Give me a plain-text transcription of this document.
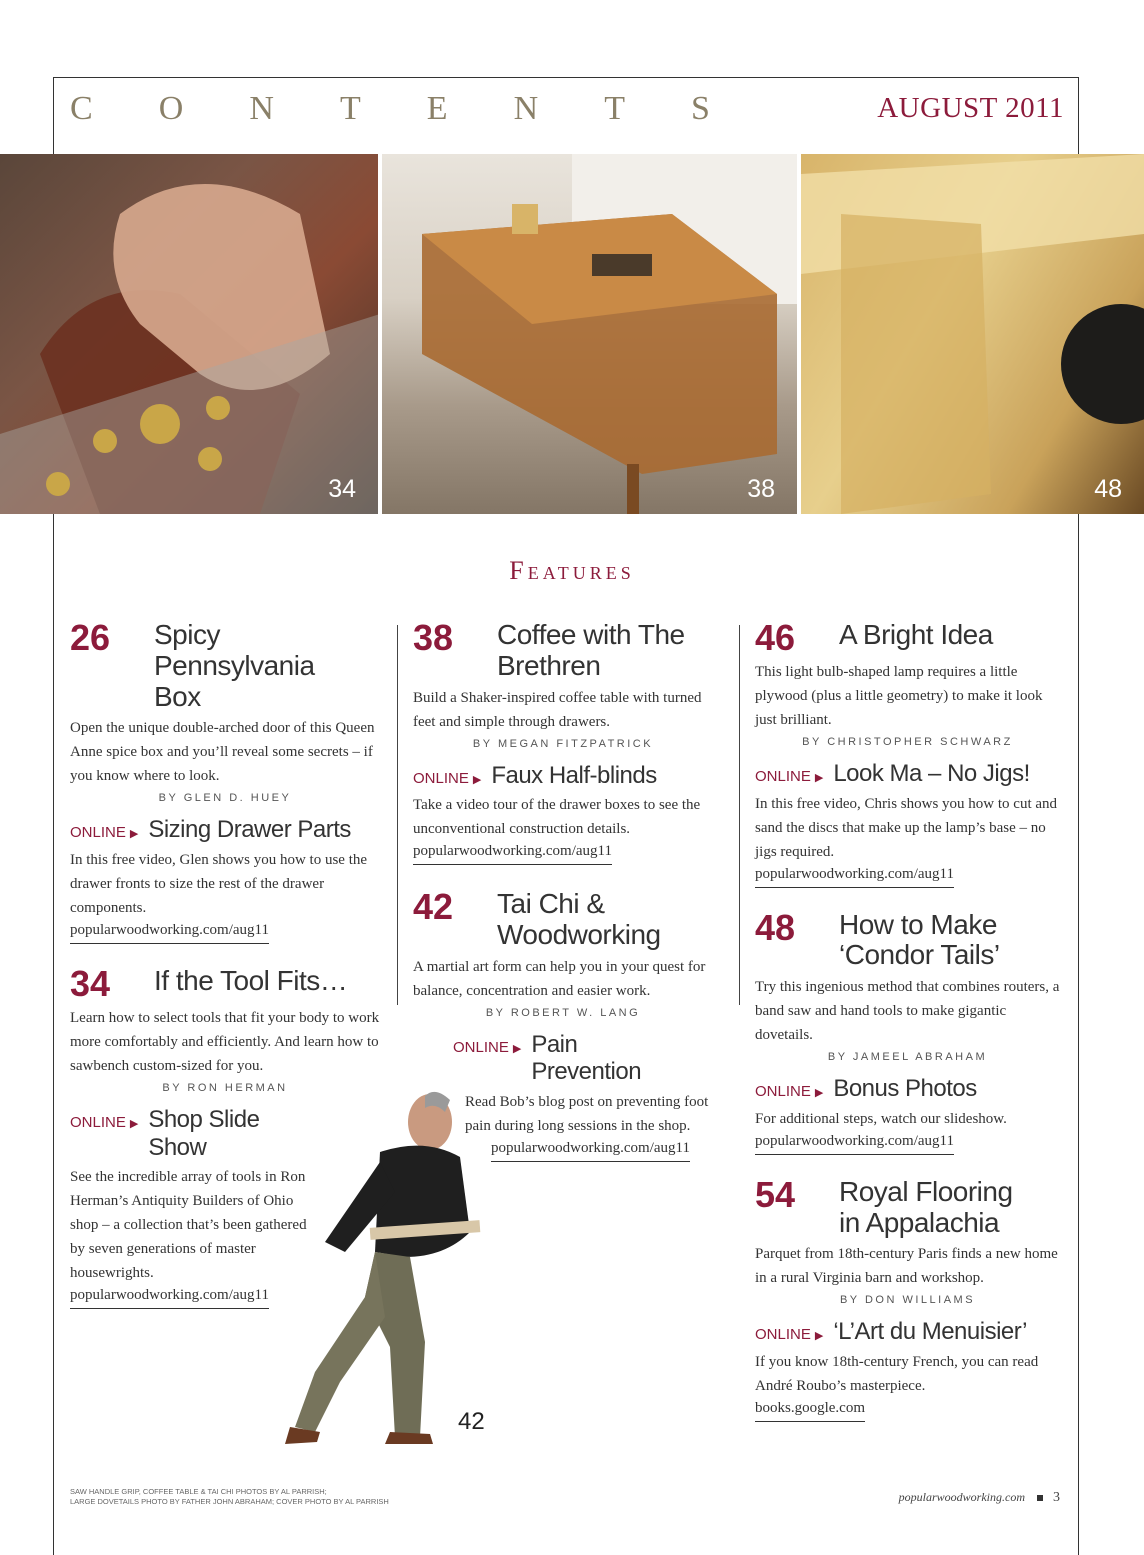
C O N T E N T S	AUGUST 2011
34	38	48
Features
26	Spicy Pennsylvania Box
Open the unique double-arched door of this Queen Anne spice box and you’ll reveal some secrets – if you know where to look.
BY GLEN D. HUEY
ONLINE ▶ Sizing Drawer Parts
In this free video, Glen shows you how to use the drawer fronts to size the rest of the drawer components.
popularwoodworking.com/aug11
34	If the Tool Fits…
Learn how to select tools that fit your body to work more comfortably and efficiently. And learn how to sawbench custom-sized for you.
BY RON HERMAN
ONLINE ▶ Shop Slide Show
See the incredible array of tools in Ron Herman’s Antiquity Builders of Ohio shop – a collection that’s been gathered by seven generations of master housewrights.
popularwoodworking.com/aug11
38	Coffee with The Brethren
Build a Shaker-inspired coffee table with turned feet and simple through drawers.
BY MEGAN FITZPATRICK
ONLINE ▶ Faux Half-blinds
Take a video tour of the drawer boxes to see the unconventional construction details.
popularwoodworking.com/aug11
42	Tai Chi & Woodworking
A martial art form can help you in your quest for balance, concentration and easier work.
BY ROBERT W. LANG
ONLINE ▶ Pain Prevention
Read Bob’s blog post on preventing foot pain during long sessions in the shop.
popularwoodworking.com/aug11
46	A Bright Idea
This light bulb-shaped lamp requires a little plywood (plus a little geometry) to make it look just brilliant.
BY CHRISTOPHER SCHWARZ
ONLINE ▶ Look Ma – No Jigs!
In this free video, Chris shows you how to cut and sand the discs that make up the lamp’s base – no jigs required.
popularwoodworking.com/aug11
48	How to Make ‘Condor Tails’
Try this ingenious method that combines routers, a band saw and hand tools to make gigantic dovetails.
BY JAMEEL ABRAHAM
ONLINE ▶ Bonus Photos
For additional steps, watch our slideshow.
popularwoodworking.com/aug11
54	Royal Flooring in Appalachia
Parquet from 18th-century Paris finds a new home in a rural Virginia barn and workshop.
BY DON WILLIAMS
ONLINE ▶ ‘L’Art du Menuisier’
If you know 18th-century French, you can read André Roubo’s masterpiece.
books.google.com
42
SAW HANDLE GRIP, COFFEE TABLE & TAI CHI PHOTOS BY AL PARRISH;
LARGE DOVETAILS PHOTO BY FATHER JOHN ABRAHAM; COVER PHOTO BY AL PARRISH	popularwoodworking.com 3
